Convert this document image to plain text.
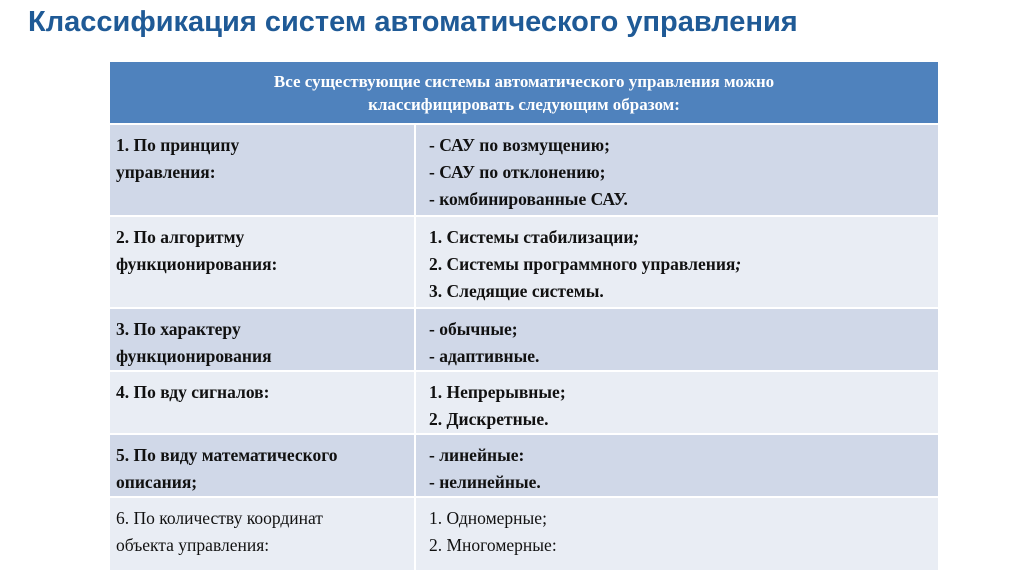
Классификация систем автоматического управления
Все существующие системы автоматического управления можно
классифицировать следующим образом:
1. По принципу
управления:
- САУ по возмущению;
- САУ по отклонению;
- комбинированные САУ.
2. По алгоритму
функционирования:
1. Системы стабилизации;
2. Системы программного управления;
3. Следящие системы.
3. По характеру
функционирования
- обычные;
- адаптивные.
4. По вду сигналов:	1. Непрерывные;
2. Дискретные.
5. По виду математического
описания;
- линейные:
- нелинейные.
6. По количеству координат
объекта управления:
1. Одномерные;
2. Многомерные:
